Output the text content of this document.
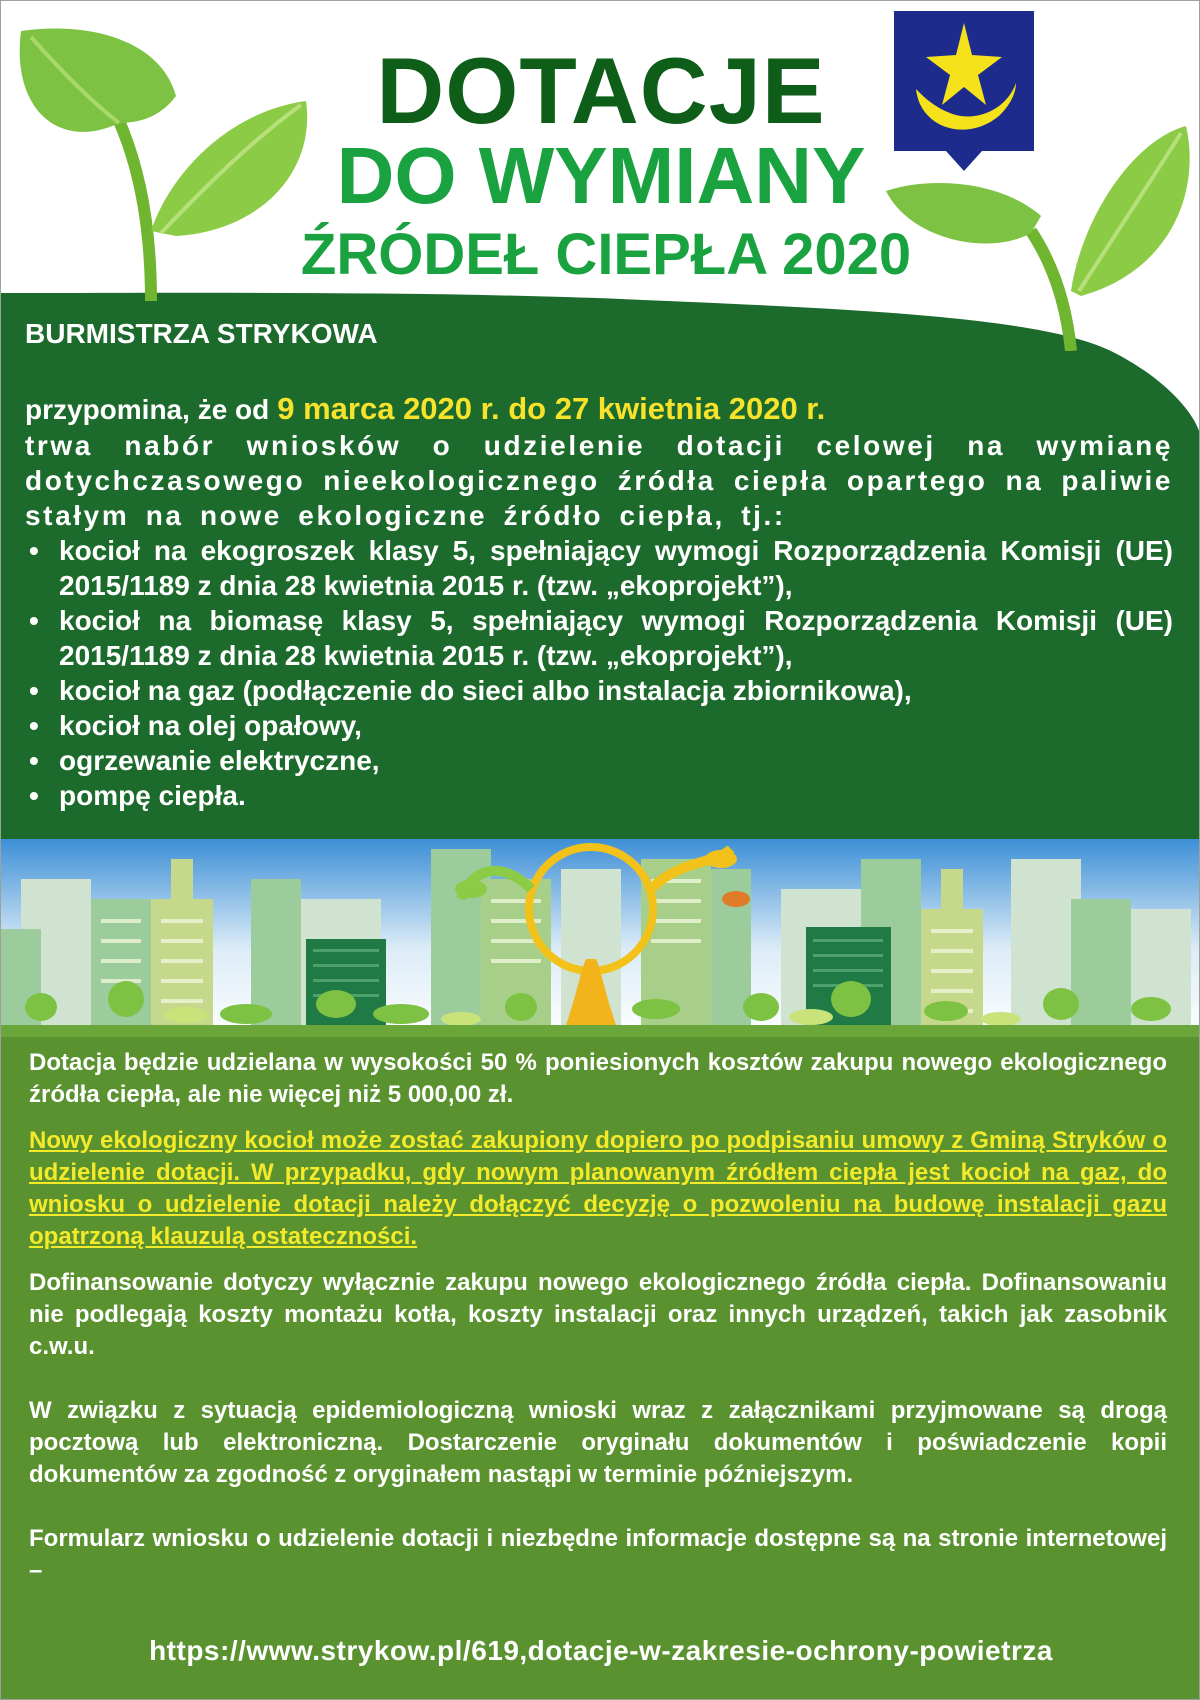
DOTACJE
DO WYMIANY
ŹRÓDEŁ CIEPŁA 2020

BURMISTRZA STRYKOWA

przypomina, że od 9 marca 2020 r. do 27 kwietnia 2020 r.

trwa nabór wniosków o udzielenie dotacji celowej na wymianę dotychczasowego nieekologicznego źródła ciepła opartego na paliwie stałym na nowe ekologiczne źródło ciepła, tj.:

• kocioł na ekogroszek klasy 5, spełniający wymogi Rozporządzenia Komisji (UE) 2015/1189 z dnia 28 kwietnia 2015 r. (tzw. „ekoprojekt”),
• kocioł na biomasę klasy 5, spełniający wymogi Rozporządzenia Komisji (UE) 2015/1189 z dnia 28 kwietnia 2015 r. (tzw. „ekoprojekt”),
• kocioł na gaz (podłączenie do sieci albo instalacja zbiornikowa),
• kocioł na olej opałowy,
• ogrzewanie elektryczne,
• pompę ciepła.

Dotacja będzie udzielana w wysokości 50 % poniesionych kosztów zakupu nowego ekologicznego źródła ciepła, ale nie więcej niż 5 000,00 zł.

Nowy ekologiczny kocioł może zostać zakupiony dopiero po podpisaniu umowy z Gminą Stryków o udzielenie dotacji. W przypadku, gdy nowym planowanym źródłem ciepła jest kocioł na gaz, do wniosku o udzielenie dotacji należy dołączyć decyzję o pozwoleniu na budowę instalacji gazu opatrzoną klauzulą ostateczności.

Dofinansowanie dotyczy wyłącznie zakupu nowego ekologicznego źródła ciepła. Dofinansowaniu nie podlegają koszty montażu kotła, koszty instalacji oraz innych urządzeń, takich jak zasobnik c.w.u.

W związku z sytuacją epidemiologiczną wnioski wraz z załącznikami przyjmowane są drogą pocztową lub elektroniczną. Dostarczenie oryginału dokumentów i poświadczenie kopii dokumentów za zgodność z oryginałem nastąpi w terminie późniejszym.

Formularz wniosku o udzielenie dotacji i niezbędne informacje dostępne są na stronie internetowej –

https://www.strykow.pl/619,dotacje-w-zakresie-ochrony-powietrza
